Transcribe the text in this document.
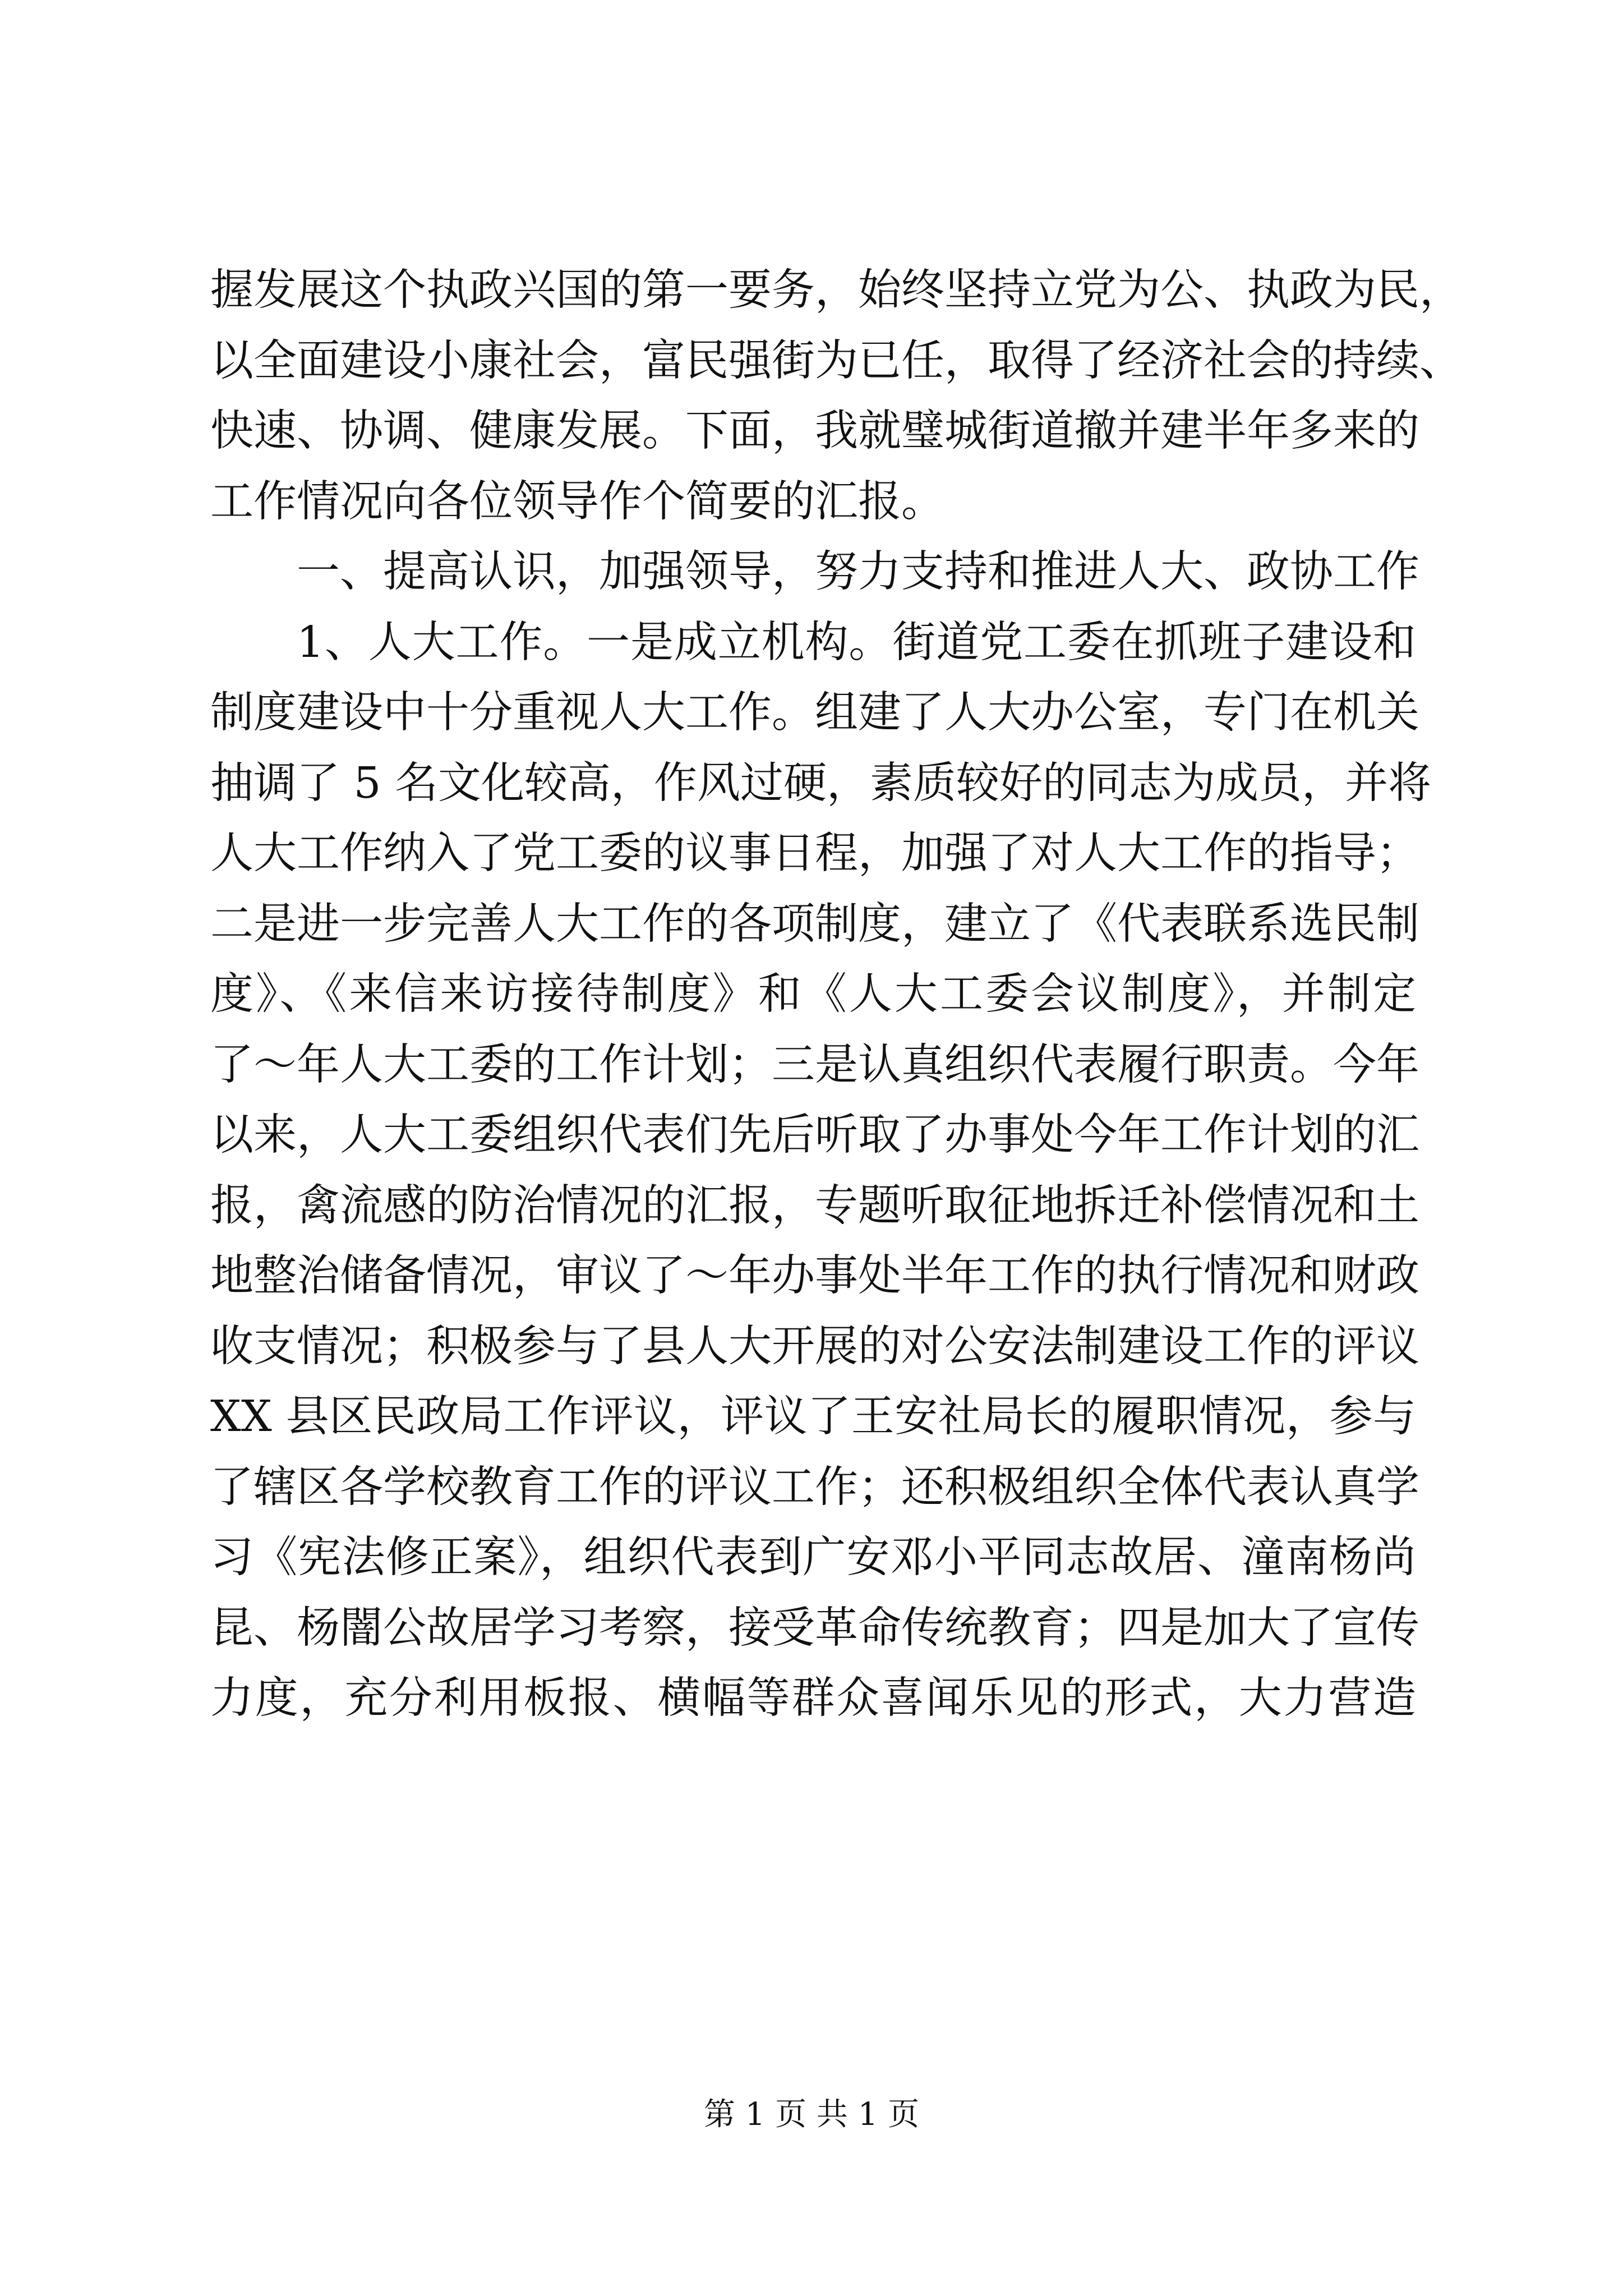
握发展这个执政兴国的第一要务，始终坚持立党为公、执政为民，
以全面建设小康社会，富民强街为已任，取得了经济社会的持续、
快速、协调、健康发展。下面，我就璧城街道撤并建半年多来的
工作情况向各位领导作个简要的汇报。
一、提高认识，加强领导，努力支持和推进人大、政协工作
1、人大工作。一是成立机构。街道党工委在抓班子建设和
制度建设中十分重视人大工作。组建了人大办公室，专门在机关
抽调了 5 名文化较高，作风过硬，素质较好的同志为成员，并将
人大工作纳入了党工委的议事日程，加强了对人大工作的指导；
二是进一步完善人大工作的各项制度，建立了《代表联系选民制
度》、《来信来访接待制度》和《人大工委会议制度》，并制定
了～年人大工委的工作计划；三是认真组织代表履行职责。今年
以来，人大工委组织代表们先后听取了办事处今年工作计划的汇
报，禽流感的防治情况的汇报，专题听取征地拆迁补偿情况和土
地整治储备情况，审议了～年办事处半年工作的执行情况和财政
收支情况；积极参与了县人大开展的对公安法制建设工作的评议
XX 县区民政局工作评议，评议了王安社局长的履职情况，参与
了辖区各学校教育工作的评议工作；还积极组织全体代表认真学
习《宪法修正案》，组织代表到广安邓小平同志故居、潼南杨尚
昆、杨闇公故居学习考察，接受革命传统教育；四是加大了宣传
力度，充分利用板报、横幅等群众喜闻乐见的形式，大力营造
第 1 页 共 1 页
